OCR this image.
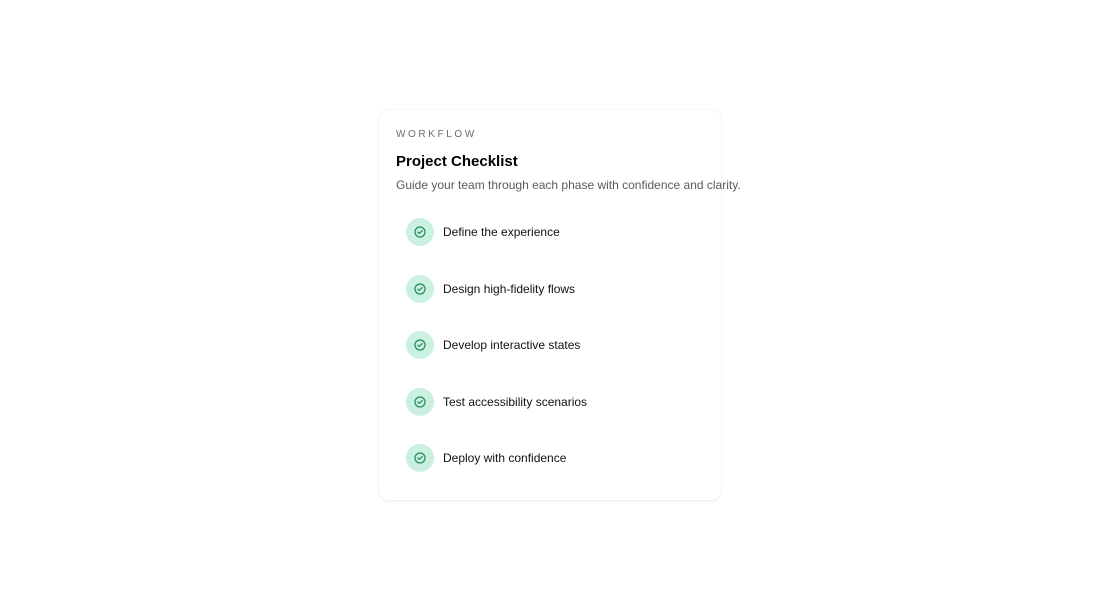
WORKFLOW
Project Checklist
Guide your team through each phase with confidence and clarity.
Define the experience
Design high-fidelity flows
Develop interactive states
Test accessibility scenarios
Deploy with confidence
